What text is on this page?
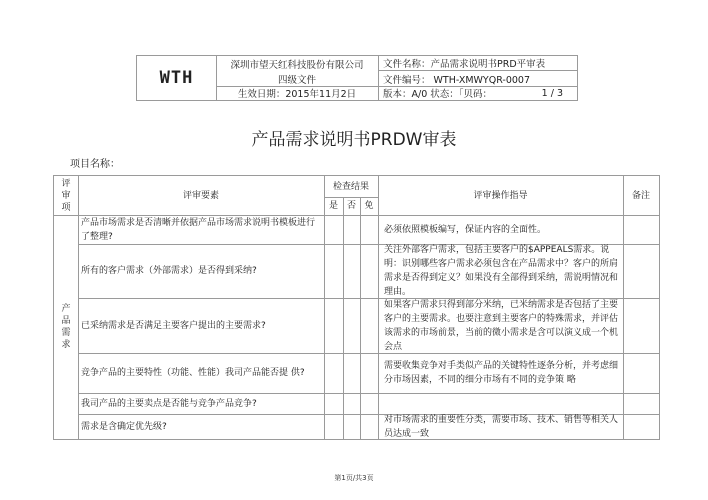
WTH
深圳市望天红科技股份有限公司
四级文件
生效日期：2015年11月2日
文件名称：产品需求说明书PRD平审表
文件编号： WTH-XMWYQR-0007
版本：A/0 状态：「贝码：	1 / 3
产品需求说明书PRDW审表
项目名称：
评审项
评审要素
检查结果
是 否 免
评审操作指导	备注
产品需求
产品市场需求是否清晰并依据产品市场需求说明书模板进行了整理?
必须依照模板编写，保证内容的全面性。
所有的客户需求（外部需求）是否得到采纳?
关注外部客户需求，包括主要客户的$APPEALS需求。说明：识别哪些客户需求必须包含在产品需求中？客户的所肩需求是否得到定义？如果没有全部得到采纳，需说明情况和理由。
已采纳需求是否满足主要客户提出的主要需求?
如果客户需求只得到部分米纳，已米纳需求是否包括了主要客户的主要需求。也要注意到主要客户的特殊需求，并评估该需求的市场前景，当前的微小需求是含可以演义成一个机会点
竞争产品的主要特性（功能、性能）我司产品能否提 供?
需要收集竞争对手类似产品的关键特性逐条分析，并考虑细分市场因素，不同的细分市场有不同的竞争策 略
我司产品的主要卖点是否能与竞争产品竞争?
需求是含确定优先级?
对市场需求的重要性分类，需要市场、技术、销售等相关人员达成一致
第1页/共3页
